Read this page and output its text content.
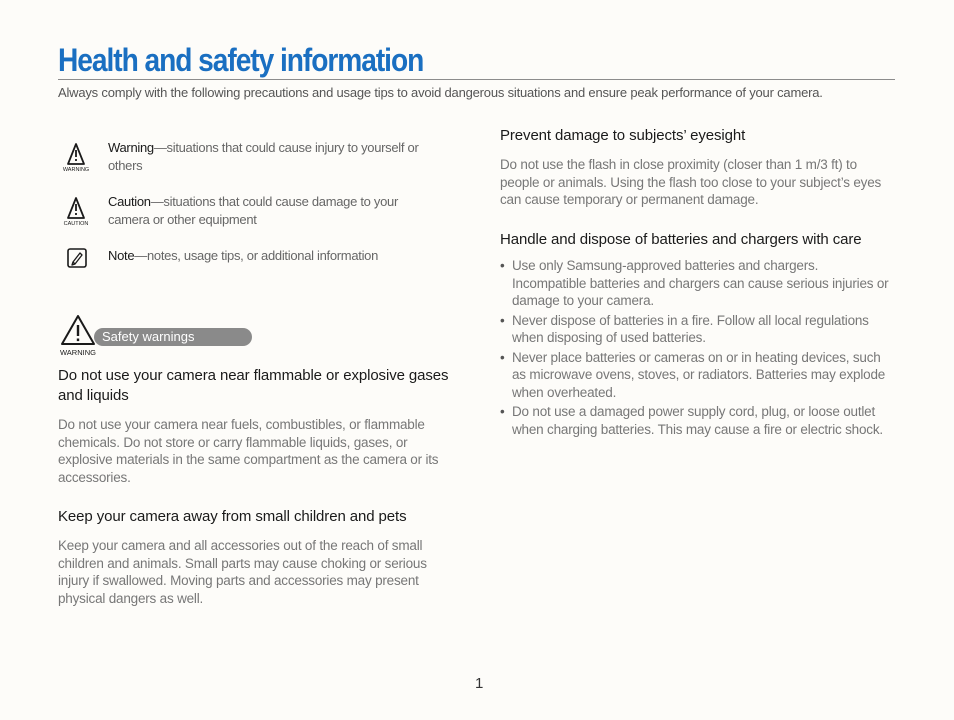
Health and safety information
Always comply with the following precautions and usage tips to avoid dangerous situations and ensure peak performance of your camera.
WARNING
Warning—situations that could cause injury to yourself or others
CAUTION
Caution—situations that could cause damage to your camera or other equipment
Note—notes, usage tips, or additional information
Safety warnings
WARNING
Do not use your camera near flammable or explosive gases and liquids
Do not use your camera near fuels, combustibles, or flammable chemicals. Do not store or carry flammable liquids, gases, or explosive materials in the same compartment as the camera or its accessories.
Keep your camera away from small children and pets
Keep your camera and all accessories out of the reach of small children and animals. Small parts may cause choking or serious injury if swallowed. Moving parts and accessories may present physical dangers as well.
Prevent damage to subjects’ eyesight
Do not use the flash in close proximity (closer than 1 m/3 ft) to people or animals. Using the flash too close to your subject’s eyes can cause temporary or permanent damage.
Handle and dispose of batteries and chargers with care
• Use only Samsung-approved batteries and chargers. Incompatible batteries and chargers can cause serious injuries or damage to your camera.
• Never dispose of batteries in a fire. Follow all local regulations when disposing of used batteries.
• Never place batteries or cameras on or in heating devices, such as microwave ovens, stoves, or radiators. Batteries may explode when overheated.
• Do not use a damaged power supply cord, plug, or loose outlet when charging batteries. This may cause a fire or electric shock.
1
